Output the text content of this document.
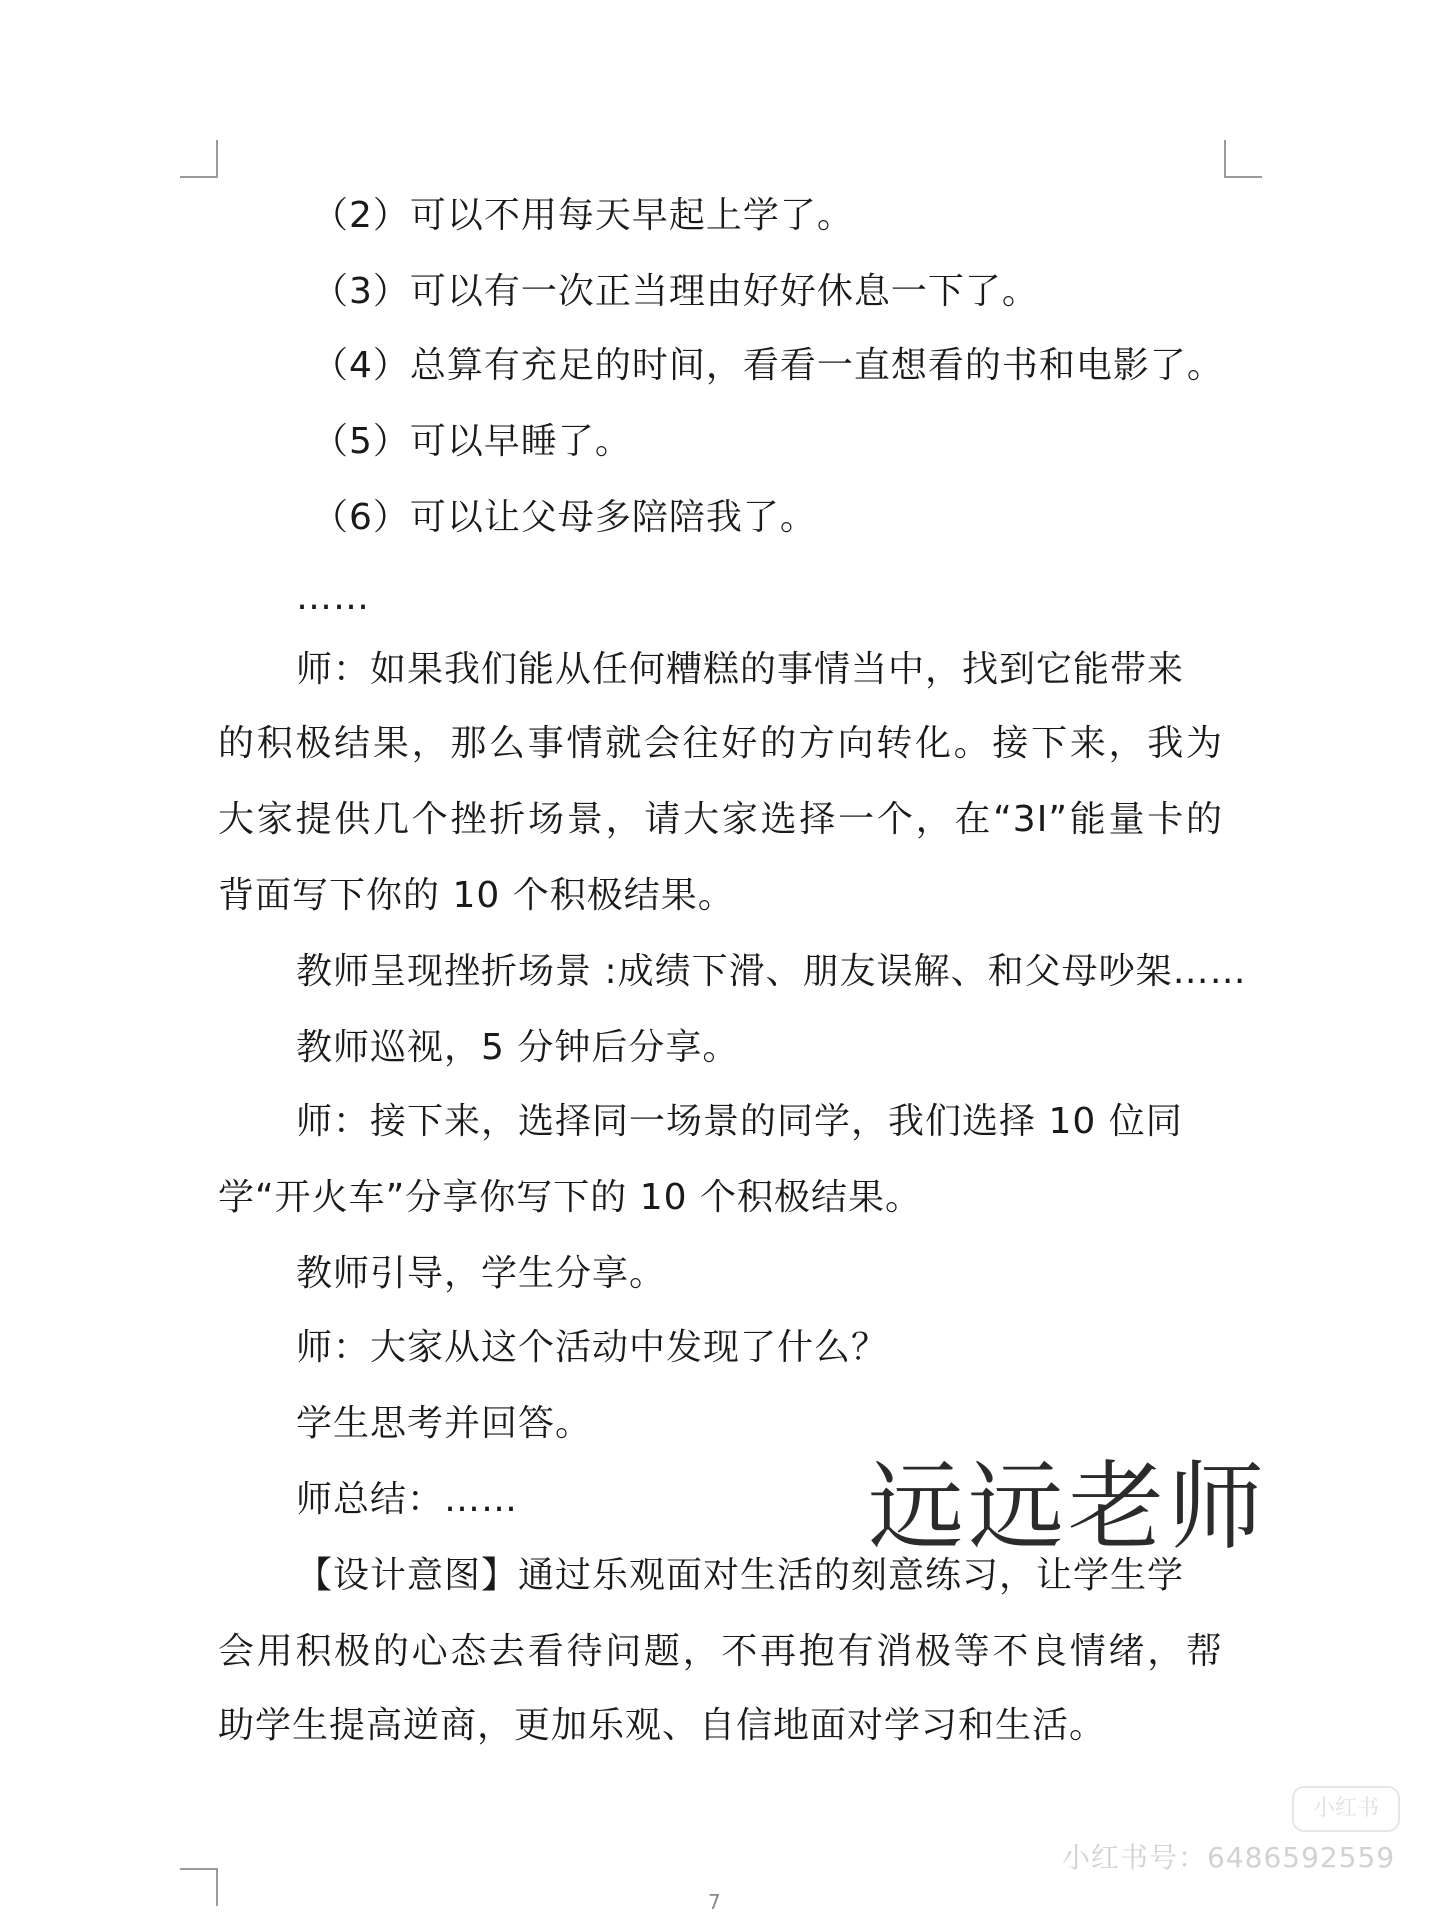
（2）可以不用每天早起上学了。
（3）可以有一次正当理由好好休息一下了。
（4）总算有充足的时间，看看一直想看的书和电影了。
（5）可以早睡了。
（6）可以让父母多陪陪我了。
……
师：如果我们能从任何糟糕的事情当中，找到它能带来
的积极结果，那么事情就会往好的方向转化。接下来，我为
大家提供几个挫折场景，请大家选择一个，在“3I”能量卡的
背面写下你的 10 个积极结果。
教师呈现挫折场景 :成绩下滑、朋友误解、和父母吵架……
教师巡视，5 分钟后分享。
师：接下来，选择同一场景的同学，我们选择 10 位同
学“开火车”分享你写下的 10 个积极结果。
教师引导，学生分享。
师：大家从这个活动中发现了什么？
学生思考并回答。
师总结：……	远远老师
【设计意图】通过乐观面对生活的刻意练习，让学生学
会用积极的心态去看待问题，不再抱有消极等不良情绪，帮
助学生提高逆商，更加乐观、自信地面对学习和生活。
小红书
小红书号：6486592559
7
